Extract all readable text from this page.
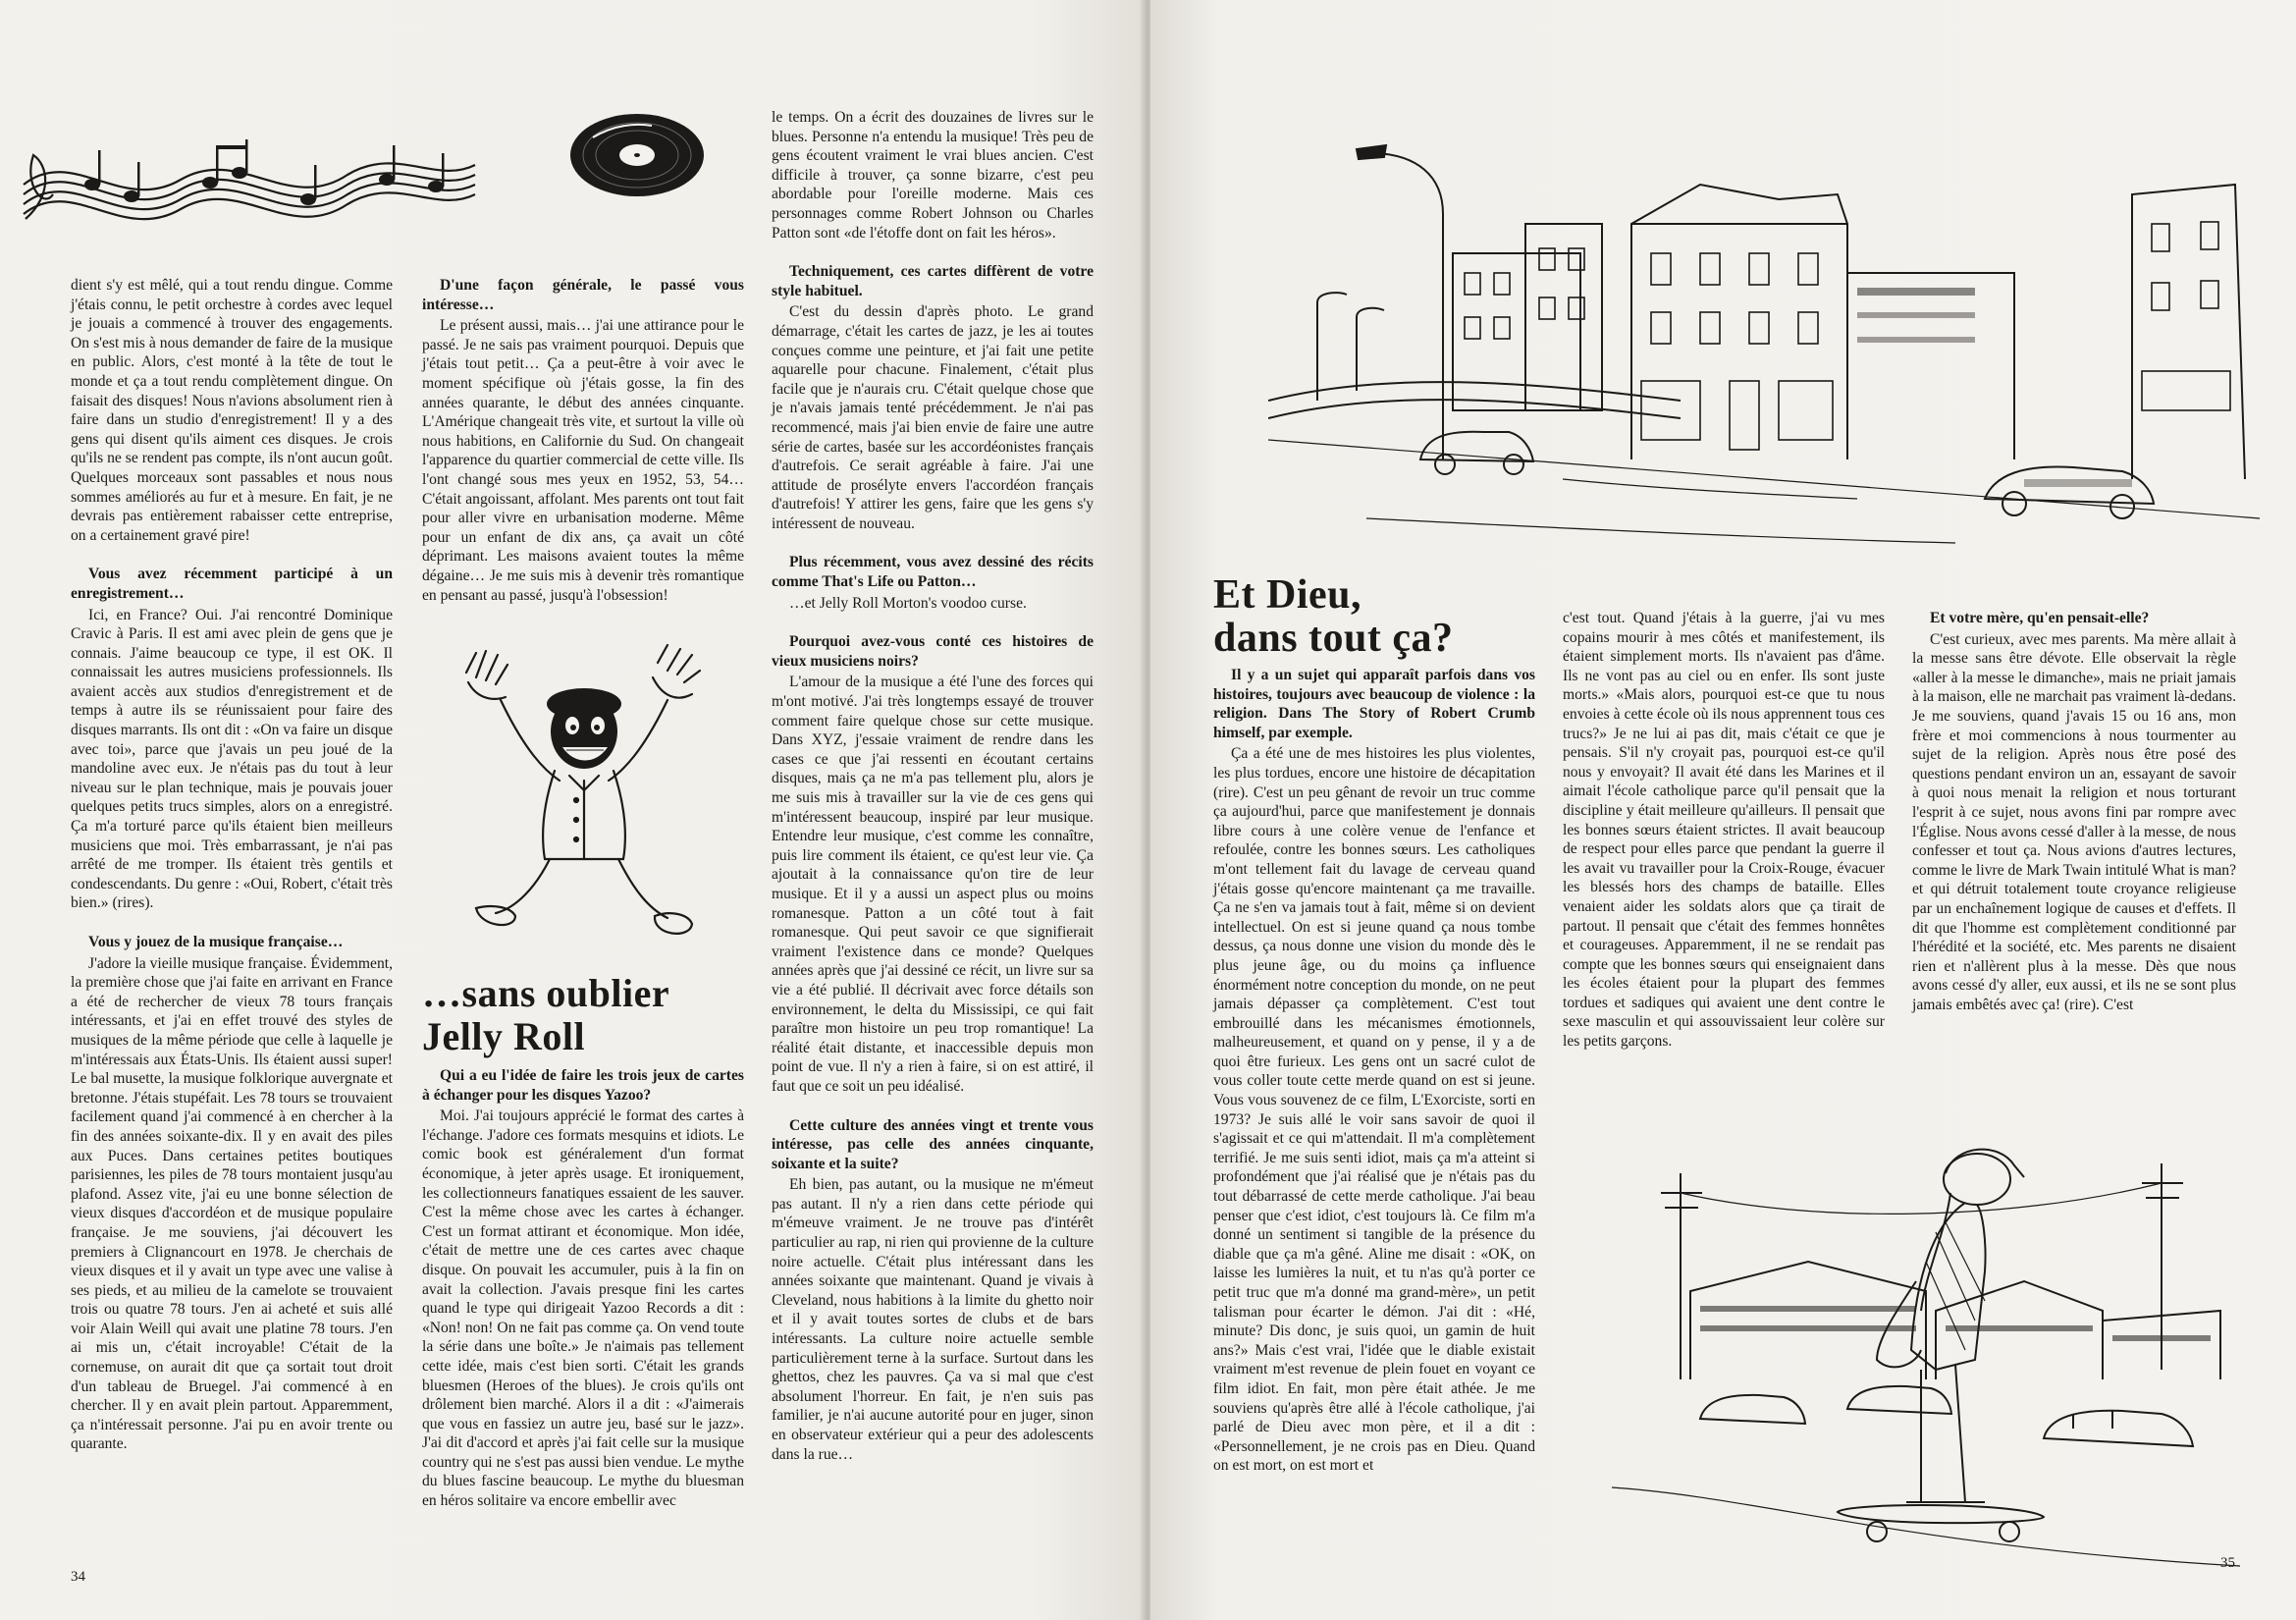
dient s'y est mêlé, qui a tout rendu dingue. Comme j'étais connu, le petit orchestre à cordes avec lequel je jouais a commencé à trouver des engagements. On s'est mis à nous demander de faire de la musique en public. Alors, c'est monté à la tête de tout le monde et ça a tout rendu complètement dingue. On faisait des disques! Nous n'avions absolument rien à faire dans un studio d'enregistrement! Il y a des gens qui disent qu'ils aiment ces disques. Je crois qu'ils ne se rendent pas compte, ils n'ont aucun goût. Quelques morceaux sont passables et nous nous sommes améliorés au fur et à mesure. En fait, je ne devrais pas entièrement rabaisser cette entreprise, on a certainement gravé pire!

Vous avez récemment participé à un enregistrement…

Ici, en France? Oui. J'ai rencontré Dominique Cravic à Paris. Il est ami avec plein de gens que je connais. J'aime beaucoup ce type, il est OK. Il connaissait les autres musiciens professionnels. Ils avaient accès aux studios d'enregistrement et de temps à autre ils se réunissaient pour faire des disques marrants. Ils ont dit : «On va faire un disque avec toi», parce que j'avais un peu joué de la mandoline avec eux. Je n'étais pas du tout à leur niveau sur le plan technique, mais je pouvais jouer quelques petits trucs simples, alors on a enregistré. Ça m'a torturé parce qu'ils étaient bien meilleurs musiciens que moi. Très embarrassant, je n'ai pas arrêté de me tromper. Ils étaient très gentils et condescendants. Du genre : «Oui, Robert, c'était très bien.» (rires).

Vous y jouez de la musique française…

J'adore la vieille musique française. Évidemment, la première chose que j'ai faite en arrivant en France a été de rechercher de vieux 78 tours français intéressants, et j'ai en effet trouvé des styles de musiques de la même période que celle à laquelle je m'intéressais aux États-Unis. Ils étaient aussi super! Le bal musette, la musique folklorique auvergnate et bretonne. J'étais stupéfait. Les 78 tours se trouvaient facilement quand j'ai commencé à en chercher à la fin des années soixante-dix. Il y en avait des piles aux Puces. Dans certaines petites boutiques parisiennes, les piles de 78 tours montaient jusqu'au plafond. Assez vite, j'ai eu une bonne sélection de vieux disques d'accordéon et de musique populaire française. Je me souviens, j'ai découvert les premiers à Clignancourt en 1978. Je cherchais de vieux disques et il y avait un type avec une valise à ses pieds, et au milieu de la camelote se trouvaient trois ou quatre 78 tours. J'en ai acheté et suis allé voir Alain Weill qui avait une platine 78 tours. J'en ai mis un, c'était incroyable! C'était de la cornemuse, on aurait dit que ça sortait tout droit d'un tableau de Bruegel. J'ai commencé à en chercher. Il y en avait plein partout. Apparemment, ça n'intéressait personne. J'ai pu en avoir trente ou quarante.

D'une façon générale, le passé vous intéresse…

Le présent aussi, mais… j'ai une attirance pour le passé. Je ne sais pas vraiment pourquoi. Depuis que j'étais tout petit… Ça a peut-être à voir avec le moment spécifique où j'étais gosse, la fin des années quarante, le début des années cinquante. L'Amérique changeait très vite, et surtout la ville où nous habitions, en Californie du Sud. On changeait l'apparence du quartier commercial de cette ville. Ils l'ont changé sous mes yeux en 1952, 53, 54… C'était angoissant, affolant. Mes parents ont tout fait pour aller vivre en urbanisation moderne. Même pour un enfant de dix ans, ça avait un côté déprimant. Les maisons avaient toutes la même dégaine… Je me suis mis à devenir très romantique en pensant au passé, jusqu'à l'obsession!

…sans oublier
Jelly Roll

Qui a eu l'idée de faire les trois jeux de cartes à échanger pour les disques Yazoo?

Moi. J'ai toujours apprécié le format des cartes à l'échange. J'adore ces formats mesquins et idiots. Le comic book est généralement d'un format économique, à jeter après usage. Et ironiquement, les collectionneurs fanatiques essaient de les sauver. C'est la même chose avec les cartes à échanger. C'est un format attirant et économique. Mon idée, c'était de mettre une de ces cartes avec chaque disque. On pouvait les accumuler, puis à la fin on avait la collection. J'avais presque fini les cartes quand le type qui dirigeait Yazoo Records a dit : «Non! non! On ne fait pas comme ça. On vend toute la série dans une boîte.» Je n'aimais pas tellement cette idée, mais c'est bien sorti. C'était les grands bluesmen (Heroes of the blues). Je crois qu'ils ont drôlement bien marché. Alors il a dit : «J'aimerais que vous en fassiez un autre jeu, basé sur le jazz». J'ai dit d'accord et après j'ai fait celle sur la musique country qui ne s'est pas aussi bien vendue. Le mythe du blues fascine beaucoup. Le mythe du bluesman en héros solitaire va encore embellir avec

le temps. On a écrit des douzaines de livres sur le blues. Personne n'a entendu la musique! Très peu de gens écoutent vraiment le vrai blues ancien. C'est difficile à trouver, ça sonne bizarre, c'est peu abordable pour l'oreille moderne. Mais ces personnages comme Robert Johnson ou Charles Patton sont «de l'étoffe dont on fait les héros».

Techniquement, ces cartes diffèrent de votre style habituel.

C'est du dessin d'après photo. Le grand démarrage, c'était les cartes de jazz, je les ai toutes conçues comme une peinture, et j'ai fait une petite aquarelle pour chacune. Finalement, c'était plus facile que je n'aurais cru. C'était quelque chose que je n'avais jamais tenté précédemment. Je n'ai pas recommencé, mais j'ai bien envie de faire une autre série de cartes, basée sur les accordéonistes français d'autrefois. Ce serait agréable à faire. J'ai une attitude de prosélyte envers l'accordéon français d'autrefois! Y attirer les gens, faire que les gens s'y intéressent de nouveau.

Plus récemment, vous avez dessiné des récits comme That's Life ou Patton…

…et Jelly Roll Morton's voodoo curse.

Pourquoi avez-vous conté ces histoires de vieux musiciens noirs?

L'amour de la musique a été l'une des forces qui m'ont motivé. J'ai très longtemps essayé de trouver comment faire quelque chose sur cette musique. Dans XYZ, j'essaie vraiment de rendre dans les cases ce que j'ai ressenti en écoutant certains disques, mais ça ne m'a pas tellement plu, alors je me suis mis à travailler sur la vie de ces gens qui m'intéressent beaucoup, inspiré par leur musique. Entendre leur musique, c'est comme les connaître, puis lire comment ils étaient, ce qu'est leur vie. Ça ajoutait à la connaissance qu'on tire de leur musique. Et il y a aussi un aspect plus ou moins romanesque. Patton a un côté tout à fait romanesque. Qui peut savoir ce que signifierait vraiment l'existence dans ce monde? Quelques années après que j'ai dessiné ce récit, un livre sur sa vie a été publié. Il décrivait avec force détails son environnement, le delta du Mississipi, ce qui fait paraître mon histoire un peu trop romantique! La réalité était distante, et inaccessible depuis mon point de vue. Il n'y a rien à faire, si on est attiré, il faut que ce soit un peu idéalisé.

Cette culture des années vingt et trente vous intéresse, pas celle des années cinquante, soixante et la suite?

Eh bien, pas autant, ou la musique ne m'émeut pas autant. Il n'y a rien dans cette période qui m'émeuve vraiment. Je ne trouve pas d'intérêt particulier au rap, ni rien qui provienne de la culture noire actuelle. C'était plus intéressant dans les années soixante que maintenant. Quand je vivais à Cleveland, nous habitions à la limite du ghetto noir et il y avait toutes sortes de clubs et de bars intéressants. La culture noire actuelle semble particulièrement terne à la surface. Surtout dans les ghettos, chez les pauvres. Ça va si mal que c'est absolument l'horreur. En fait, je n'en suis pas familier, je n'ai aucune autorité pour en juger, sinon en observateur extérieur qui a peur des adolescents dans la rue…

34
Et Dieu,
dans tout ça?

Il y a un sujet qui apparaît parfois dans vos histoires, toujours avec beaucoup de violence : la religion. Dans The Story of Robert Crumb himself, par exemple.

Ça a été une de mes histoires les plus violentes, les plus tordues, encore une histoire de décapitation (rire). C'est un peu gênant de revoir un truc comme ça aujourd'hui, parce que manifestement je donnais libre cours à une colère venue de l'enfance et refoulée, contre les bonnes sœurs. Les catholiques m'ont tellement fait du lavage de cerveau quand j'étais gosse qu'encore maintenant ça me travaille. Ça ne s'en va jamais tout à fait, même si on devient intellectuel. On est si jeune quand ça nous tombe dessus, ça nous donne une vision du monde dès le plus jeune âge, ou du moins ça influence énormément notre conception du monde, on ne peut jamais dépasser ça complètement. C'est tout embrouillé dans les mécanismes émotionnels, malheureusement, et quand on y pense, il y a de quoi être furieux. Les gens ont un sacré culot de vous coller toute cette merde quand on est si jeune. Vous vous souvenez de ce film, L'Exorciste, sorti en 1973? Je suis allé le voir sans savoir de quoi il s'agissait et ce qui m'attendait. Il m'a complètement terrifié. Je me suis senti idiot, mais ça m'a atteint si profondément que j'ai réalisé que je n'étais pas du tout débarrassé de cette merde catholique. J'ai beau penser que c'est idiot, c'est toujours là. Ce film m'a donné un sentiment si tangible de la présence du diable que ça m'a gêné. Aline me disait : «OK, on laisse les lumières la nuit, et tu n'as qu'à porter ce petit truc que m'a donné ma grand-mère», un petit talisman pour écarter le démon. J'ai dit : «Hé, minute? Dis donc, je suis quoi, un gamin de huit ans?» Mais c'est vrai, l'idée que le diable existait vraiment m'est revenue de plein fouet en voyant ce film idiot. En fait, mon père était athée. Je me souviens qu'après être allé à l'école catholique, j'ai parlé de Dieu avec mon père, et il a dit : «Personnellement, je ne crois pas en Dieu. Quand on est mort, on est mort et

c'est tout. Quand j'étais à la guerre, j'ai vu mes copains mourir à mes côtés et manifestement, ils étaient simplement morts. Ils n'avaient pas d'âme. Ils ne vont pas au ciel ou en enfer. Ils sont juste morts.» «Mais alors, pourquoi est-ce que tu nous envoies à cette école où ils nous apprennent tous ces trucs?» Je ne lui ai pas dit, mais c'était ce que je pensais. S'il n'y croyait pas, pourquoi est-ce qu'il nous y envoyait? Il avait été dans les Marines et il aimait l'école catholique parce qu'il pensait que la discipline y était meilleure qu'ailleurs. Il pensait que les bonnes sœurs étaient strictes. Il avait beaucoup de respect pour elles parce que pendant la guerre il les avait vu travailler pour la Croix-Rouge, évacuer les blessés hors des champs de bataille. Elles venaient aider les soldats alors que ça tirait de partout. Il pensait que c'était des femmes honnêtes et courageuses. Apparemment, il ne se rendait pas compte que les bonnes sœurs qui enseignaient dans les écoles étaient pour la plupart des femmes tordues et sadiques qui avaient une dent contre le sexe masculin et qui assouvissaient leur colère sur les petits garçons.

Et votre mère, qu'en pensait-elle?

C'est curieux, avec mes parents. Ma mère allait à la messe sans être dévote. Elle observait la règle «aller à la messe le dimanche», mais ne priait jamais à la maison, elle ne marchait pas vraiment là-dedans. Je me souviens, quand j'avais 15 ou 16 ans, mon frère et moi commencions à nous tourmenter au sujet de la religion. Après nous être posé des questions pendant environ un an, essayant de savoir à quoi nous menait la religion et nous torturant l'esprit à ce sujet, nous avons fini par rompre avec l'Église. Nous avons cessé d'aller à la messe, de nous confesser et tout ça. Nous avions d'autres lectures, comme le livre de Mark Twain intitulé What is man? et qui détruit totalement toute croyance religieuse par un enchaînement logique de causes et d'effets. Il dit que l'homme est complètement conditionné par l'hérédité et la société, etc. Mes parents ne disaient rien et n'allèrent plus à la messe. Dès que nous avons cessé d'y aller, eux aussi, et ils ne se sont plus jamais embêtés avec ça! (rire). C'est

35
